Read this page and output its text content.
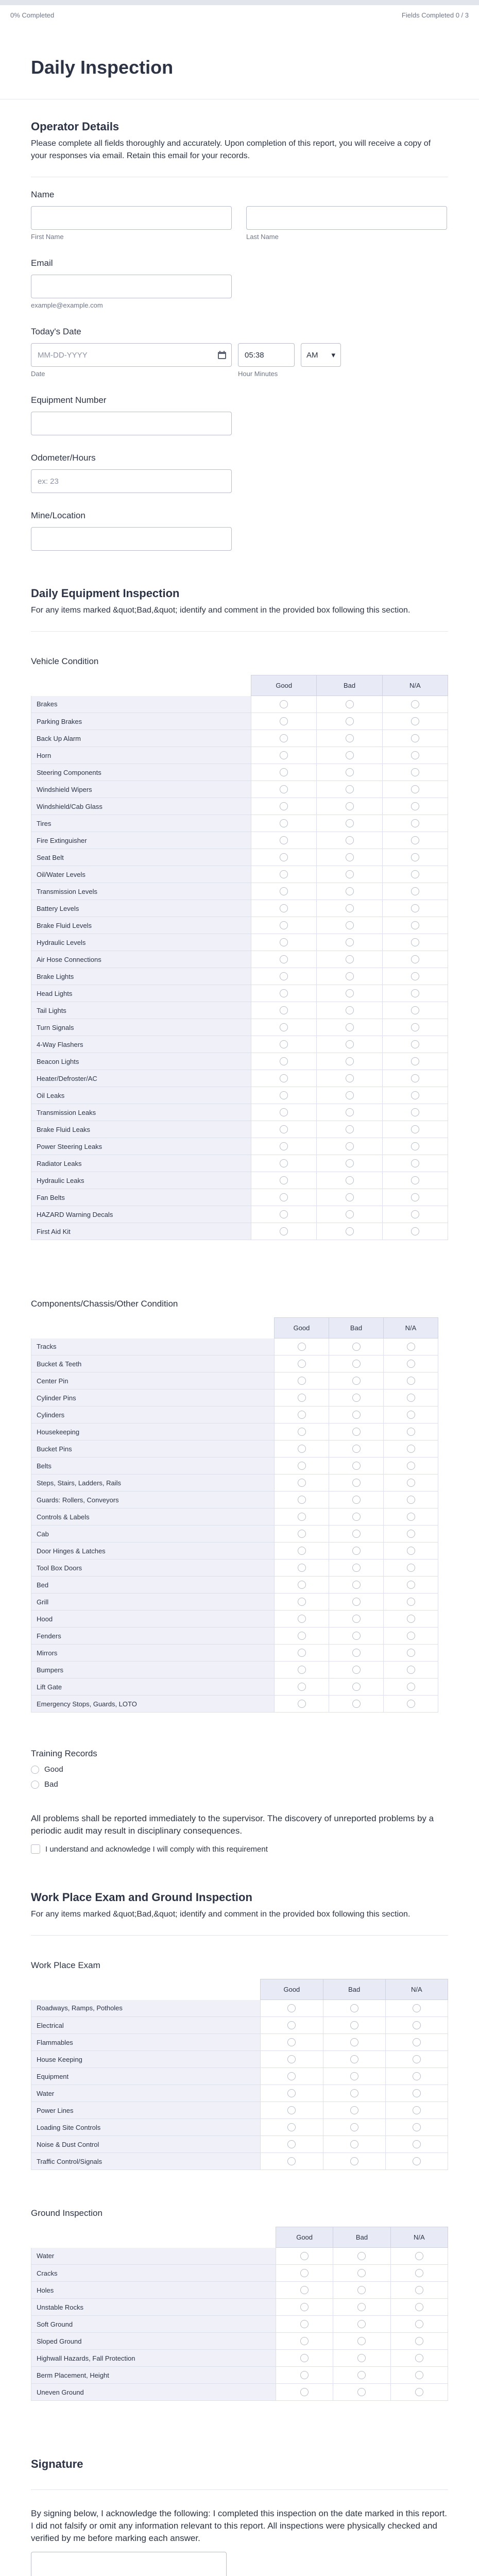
0% Completed	Fields Completed 0 / 3
Daily Inspection
Operator Details

Please complete all fields thoroughly and accurately. Upon completion of this report, you will receive a copy of your responses via email. Retain this email for your records.

Name
First Name	Last Name
Email
example@example.com
Today's Date
MM-DD-YYYY
Date
05:38
AM ▾
Hour Minutes
Equipment Number
Odometer/Hours
ex: 23
Mine/Location
Daily Equipment Inspection

For any items marked &quot;Bad,&quot; identify and comment in the provided box following this section.

Vehicle Condition
	Good	Bad	N/A
Brakes			
Parking Brakes			
Back Up Alarm			
Horn			
Steering Components			
Windshield Wipers			
Windshield/Cab Glass			
Tires			
Fire Extinguisher			
Seat Belt			
Oil/Water Levels			
Transmission Levels			
Battery Levels			
Brake Fluid Levels			
Hydraulic Levels			
Air Hose Connections			
Brake Lights			
Head Lights			
Tail Lights			
Turn Signals			
4-Way Flashers			
Beacon Lights			
Heater/Defroster/AC			
Oil Leaks			
Transmission Leaks			
Brake Fluid Leaks			
Power Steering Leaks			
Radiator Leaks			
Hydraulic Leaks			
Fan Belts			
HAZARD Warning Decals			
First Aid Kit			
Components/Chassis/Other Condition
	Good	Bad	N/A
Tracks			
Bucket & Teeth			
Center Pin			
Cylinder Pins			
Cylinders			
Housekeeping			
Bucket Pins			
Belts			
Steps, Stairs, Ladders, Rails			
Guards: Rollers, Conveyors			
Controls & Labels			
Cab			
Door Hinges & Latches			
Tool Box Doors			
Bed			
Grill			
Hood			
Fenders			
Mirrors			
Bumpers			
Lift Gate			
Emergency Stops, Guards, LOTO			
Training Records
Good
Bad

All problems shall be reported immediately to the supervisor. The discovery of unreported problems by a periodic audit may result in disciplinary consequences.

I understand and acknowledge I will comply with this requirement
Work Place Exam and Ground Inspection

For any items marked &quot;Bad,&quot; identify and comment in the provided box following this section.

Work Place Exam
	Good	Bad	N/A
Roadways, Ramps, Potholes			
Electrical			
Flammables			
House Keeping			
Equipment			
Water			
Power Lines			
Loading Site Controls			
Noise & Dust Control			
Traffic Control/Signals			
Ground Inspection
	Good	Bad	N/A
Water			
Cracks			
Holes			
Unstable Rocks			
Soft Ground			
Sloped Ground			
Highwall Hazards, Fall Protection			
Berm Placement, Height			
Uneven Ground			
Signature

By signing below, I acknowledge the following: I completed this inspection on the date marked in this report. I did not falsify or omit any information relevant to this report. All inspections were physically checked and verified by me before marking each answer.
